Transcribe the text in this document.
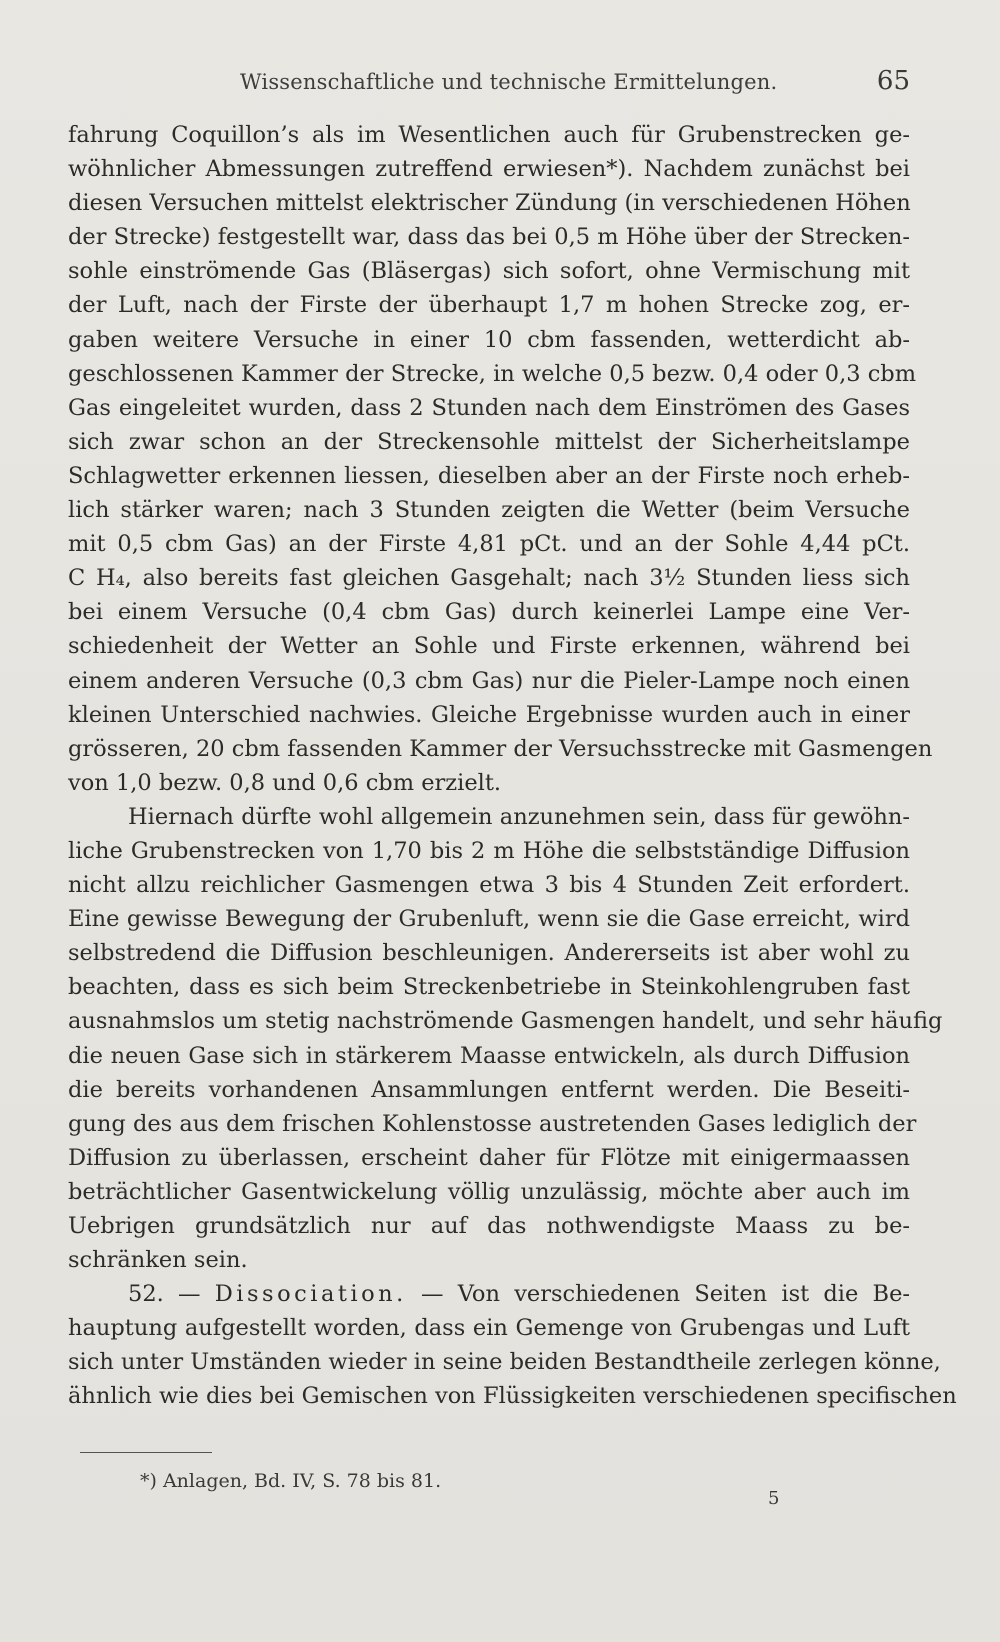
Wissenschaftliche und technische Ermittelungen.	65
fahrung Coquillon’s als im Wesentlichen auch für Grubenstrecken ge-
wöhnlicher Abmessungen zutreffend erwiesen*). Nachdem zunächst bei
diesen Versuchen mittelst elektrischer Zündung (in verschiedenen Höhen
der Strecke) festgestellt war, dass das bei 0,5 m Höhe über der Strecken-
sohle einströmende Gas (Bläsergas) sich sofort, ohne Vermischung mit
der Luft, nach der Firste der überhaupt 1,7 m hohen Strecke zog, er-
gaben weitere Versuche in einer 10 cbm fassenden, wetterdicht ab-
geschlossenen Kammer der Strecke, in welche 0,5 bezw. 0,4 oder 0,3 cbm
Gas eingeleitet wurden, dass 2 Stunden nach dem Einströmen des Gases
sich zwar schon an der Streckensohle mittelst der Sicherheitslampe
Schlagwetter erkennen liessen, dieselben aber an der Firste noch erheb-
lich stärker waren; nach 3 Stunden zeigten die Wetter (beim Versuche
mit 0,5 cbm Gas) an der Firste 4,81 pCt. und an der Sohle 4,44 pCt.
C H₄, also bereits fast gleichen Gasgehalt; nach 3½ Stunden liess sich
bei einem Versuche (0,4 cbm Gas) durch keinerlei Lampe eine Ver-
schiedenheit der Wetter an Sohle und Firste erkennen, während bei
einem anderen Versuche (0,3 cbm Gas) nur die Pieler-Lampe noch einen
kleinen Unterschied nachwies. Gleiche Ergebnisse wurden auch in einer
grösseren, 20 cbm fassenden Kammer der Versuchsstrecke mit Gasmengen
von 1,0 bezw. 0,8 und 0,6 cbm erzielt.
Hiernach dürfte wohl allgemein anzunehmen sein, dass für gewöhn-
liche Grubenstrecken von 1,70 bis 2 m Höhe die selbstständige Diffusion
nicht allzu reichlicher Gasmengen etwa 3 bis 4 Stunden Zeit erfordert.
Eine gewisse Bewegung der Grubenluft, wenn sie die Gase erreicht, wird
selbstredend die Diffusion beschleunigen. Andererseits ist aber wohl zu
beachten, dass es sich beim Streckenbetriebe in Steinkohlengruben fast
ausnahmslos um stetig nachströmende Gasmengen handelt, und sehr häufig
die neuen Gase sich in stärkerem Maasse entwickeln, als durch Diffusion
die bereits vorhandenen Ansammlungen entfernt werden. Die Beseiti-
gung des aus dem frischen Kohlenstosse austretenden Gases lediglich der
Diffusion zu überlassen, erscheint daher für Flötze mit einigermaassen
beträchtlicher Gasentwickelung völlig unzulässig, möchte aber auch im
Uebrigen grundsätzlich nur auf das nothwendigste Maass zu be-
schränken sein.
52. — Dissociation. — Von verschiedenen Seiten ist die Be-
hauptung aufgestellt worden, dass ein Gemenge von Grubengas und Luft
sich unter Umständen wieder in seine beiden Bestandtheile zerlegen könne,
ähnlich wie dies bei Gemischen von Flüssigkeiten verschiedenen specifischen
*) Anlagen, Bd. IV, S. 78 bis 81.
5
